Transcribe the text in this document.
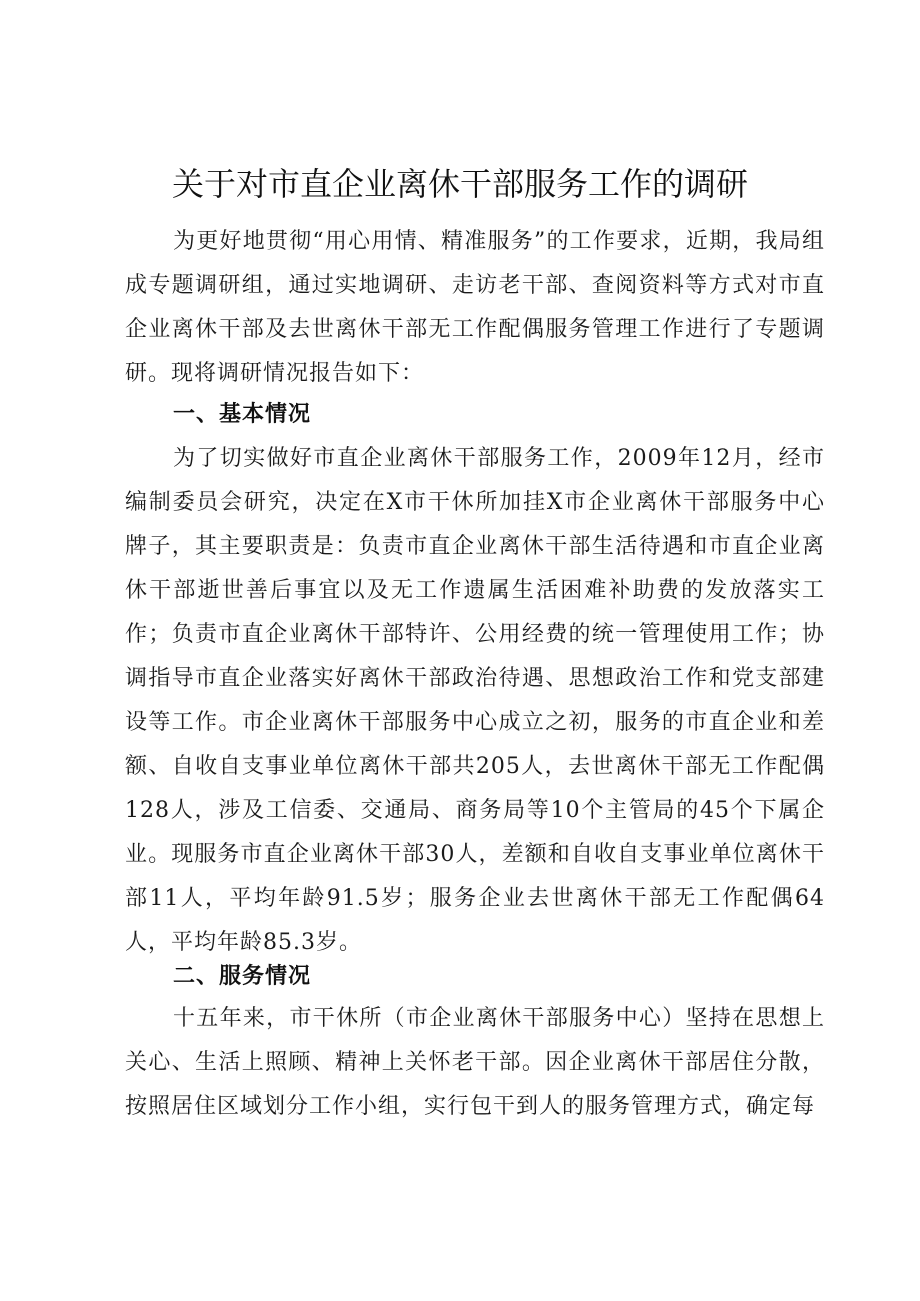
关于对市直企业离休干部服务工作的调研

为更好地贯彻“用心用情、精准服务”的工作要求，近期，我局组成专题调研组，通过实地调研、走访老干部、查阅资料等方式对市直企业离休干部及去世离休干部无工作配偶服务管理工作进行了专题调研。现将调研情况报告如下：

一、基本情况

为了切实做好市直企业离休干部服务工作，2009年12月，经市编制委员会研究，决定在X市干休所加挂X市企业离休干部服务中心牌子，其主要职责是：负责市直企业离休干部生活待遇和市直企业离休干部逝世善后事宜以及无工作遗属生活困难补助费的发放落实工作；负责市直企业离休干部特许、公用经费的统一管理使用工作；协调指导市直企业落实好离休干部政治待遇、思想政治工作和党支部建设等工作。市企业离休干部服务中心成立之初，服务的市直企业和差额、自收自支事业单位离休干部共205人，去世离休干部无工作配偶128人，涉及工信委、交通局、商务局等10个主管局的45个下属企业。现服务市直企业离休干部30人，差额和自收自支事业单位离休干部11人，平均年龄91.5岁；服务企业去世离休干部无工作配偶64人，平均年龄85.3岁。

二、服务情况

十五年来，市干休所（市企业离休干部服务中心）坚持在思想上关心、生活上照顾、精神上关怀老干部。因企业离休干部居住分散，按照居住区域划分工作小组，实行包干到人的服务管理方式，确定每
